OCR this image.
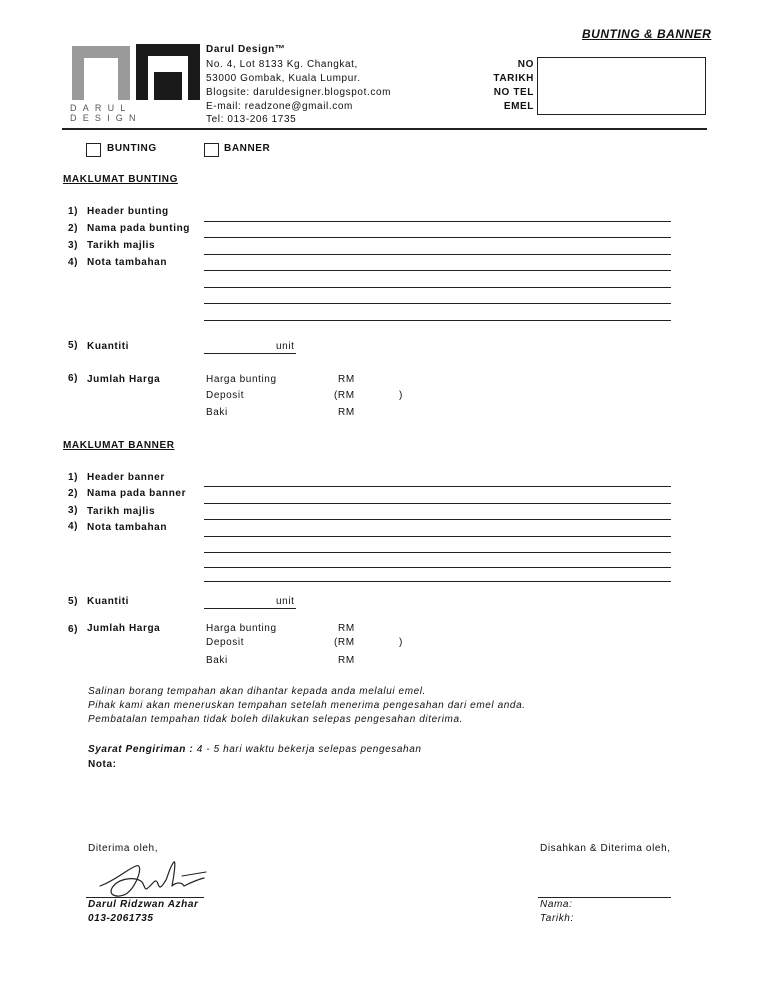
BUNTING & BANNER
DARUL DESIGN
Darul Design™
No. 4, Lot 8133 Kg. Changkat,
53000 Gombak, Kuala Lumpur.
Blogsite: daruldesigner.blogspot.com
E-mail: readzone@gmail.com
Tel: 013-206 1735
NO
TARIKH
NO TEL
EMEL
BUNTING	BANNER
MAKLUMAT BUNTING
1) Header bunting
2) Nama pada bunting
3) Tarikh majlis
4) Nota tambahan
5) Kuantiti	unit
6) Jumlah Harga	Harga bunting	RM
Deposit	(RM	)
Baki	RM
MAKLUMAT BANNER
1) Header banner
2) Nama pada banner
3) Tarikh majlis
4) Nota tambahan
5) Kuantiti	unit
6) Jumlah Harga	Harga bunting	RM
Deposit	(RM	)
Baki	RM
Salinan borang tempahan akan dihantar kepada anda melalui emel.
Pihak kami akan meneruskan tempahan setelah menerima pengesahan dari emel anda.
Pembatalan tempahan tidak boleh dilakukan selepas pengesahan diterima.
Syarat Pengiriman : 4 - 5 hari waktu bekerja selepas pengesahan
Nota:
Diterima oleh,
Darul Ridzwan Azhar
013-2061735
Disahkan & Diterima oleh,
Nama:
Tarikh:
